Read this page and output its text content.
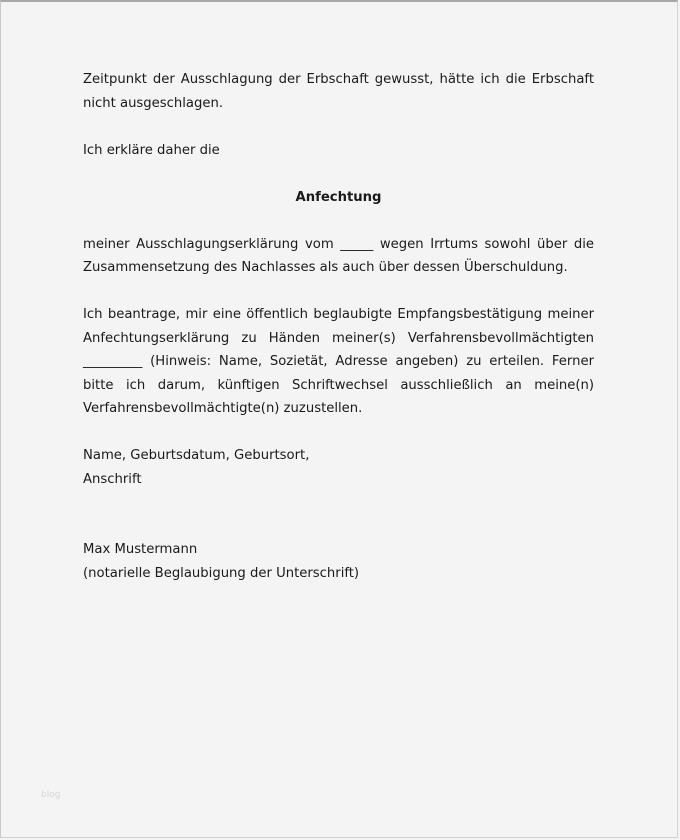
Zeitpunkt der Ausschlagung der Erbschaft gewusst, hätte ich die Erbschaft nicht ausgeschlagen.

Ich erkläre daher die

Anfechtung

meiner Ausschlagungserklärung vom _____ wegen Irrtums sowohl über die Zusammensetzung des Nachlasses als auch über dessen Überschuldung.

Ich beantrage, mir eine öffentlich beglaubigte Empfangsbestätigung meiner Anfechtungserklärung zu Händen meiner(s) Verfahrensbevollmächtigten _________ (Hinweis: Name, Sozietät, Adresse angeben) zu erteilen. Ferner bitte ich darum, künftigen Schriftwechsel ausschließlich an meine(n) Verfahrensbevollmächtigte(n) zuzustellen.

Name, Geburtsdatum, Geburtsort,
Anschrift
Max Mustermann
(notarielle Beglaubigung der Unterschrift)
blog
